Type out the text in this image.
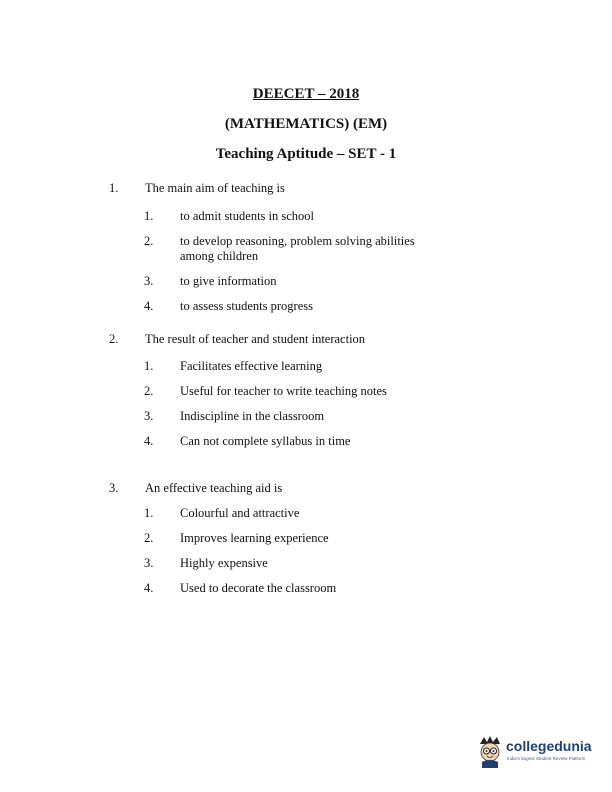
DEECET – 2018
(MATHEMATICS) (EM)
Teaching Aptitude – SET - 1
1. The main aim of teaching is
1. to admit students in school
2. to develop reasoning, problem solving abilities among children
3. to give information
4. to assess students progress
2. The result of teacher and student interaction
1. Facilitates effective learning
2. Useful for teacher to write teaching notes
3. Indiscipline in the classroom
4. Can not complete syllabus in time
3. An effective teaching aid is
1. Colourful and attractive
2. Improves learning experience
3. Highly expensive
4. Used to decorate the classroom
collegedunia
India's largest Student Review Platform
